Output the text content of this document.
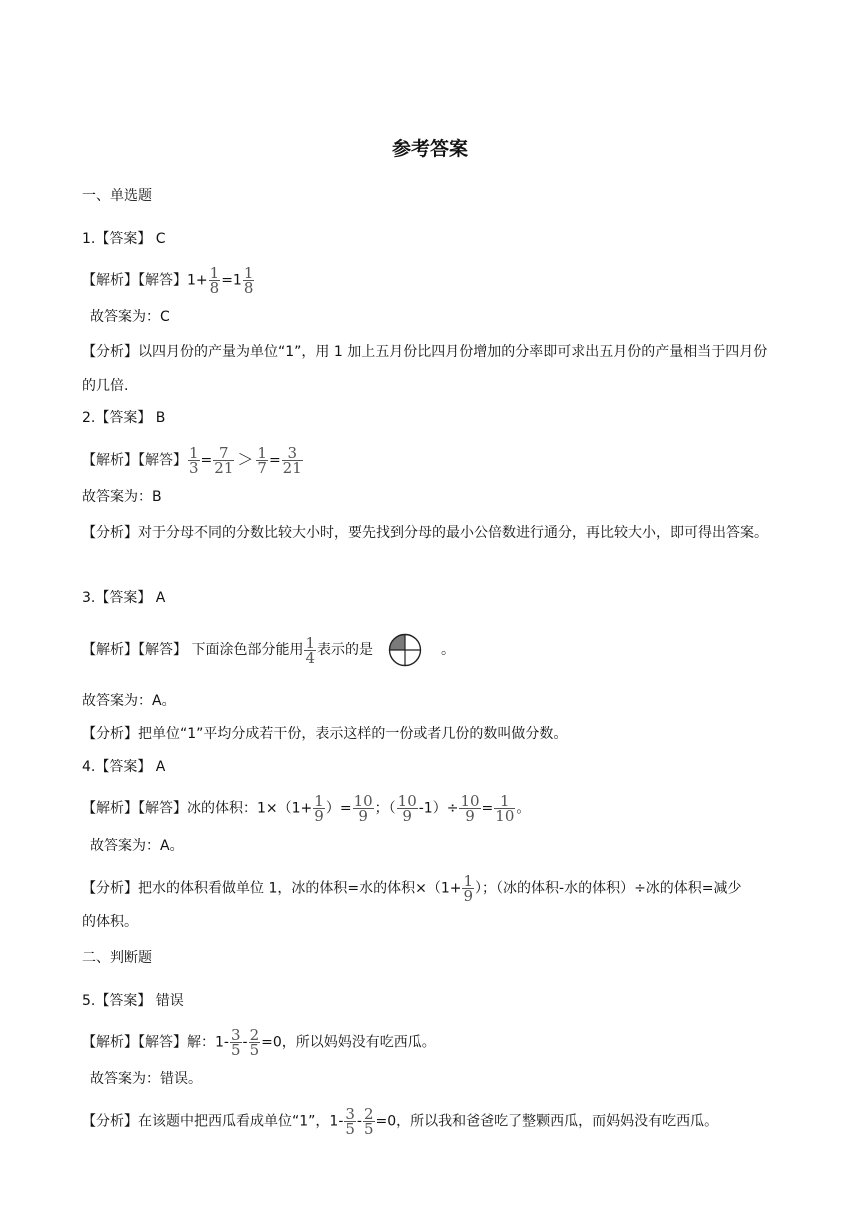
参考答案
一、单选题
1.【答案】 C
【解析】【解答】$1+ \frac{1}{8} =1 \frac{1}{8}$
故答案为：C
【分析】以四月份的产量为单位“1”，用 1 加上五月份比四月份增加的分率即可求出五月份的产量相当于四月份的几倍.
2.【答案】 B
【解析】【解答】 $\frac{1}{3} = \frac{7}{21} > \frac{1}{7} = \frac{3}{21}$
故答案为：B
【分析】对于分母不同的分数比较大小时，要先找到分母的最小公倍数进行通分，再比较大小，即可得出答案。
3.【答案】 A
【解析】【解答】 下面涂色部分能用 $\frac{1}{4}$ 表示的是	。
故答案为：A。
【分析】把单位“1”平均分成若干份，表示这样的一份或者几份的数叫做分数。
4.【答案】 A
【解析】【解答】冰的体积：$1\times(1+ \frac{1}{9}$ ）= $\frac{10}{9}$ ；（ $\frac{10}{9} -1)\div \frac{10}{9} = \frac{1}{10}$ 。
故答案为：A。
【分析】把水的体积看做单位 1，冰的体积=水的体积$\times(1+ \frac{1}{9}$ ）；（冰的体积-水的体积）÷冰的体积=减少
的体积。
二、判断题
5.【答案】 错误
【解析】【解答】解：$1- \frac{3}{5} - \frac{2}{5} =0$，所以妈妈没有吃西瓜。
故答案为：错误。
【分析】在该题中把西瓜看成单位“1”，$1- \frac{3}{5} - \frac{2}{5} =0$，所以我和爸爸吃了整颗西瓜，而妈妈没有吃西瓜。
